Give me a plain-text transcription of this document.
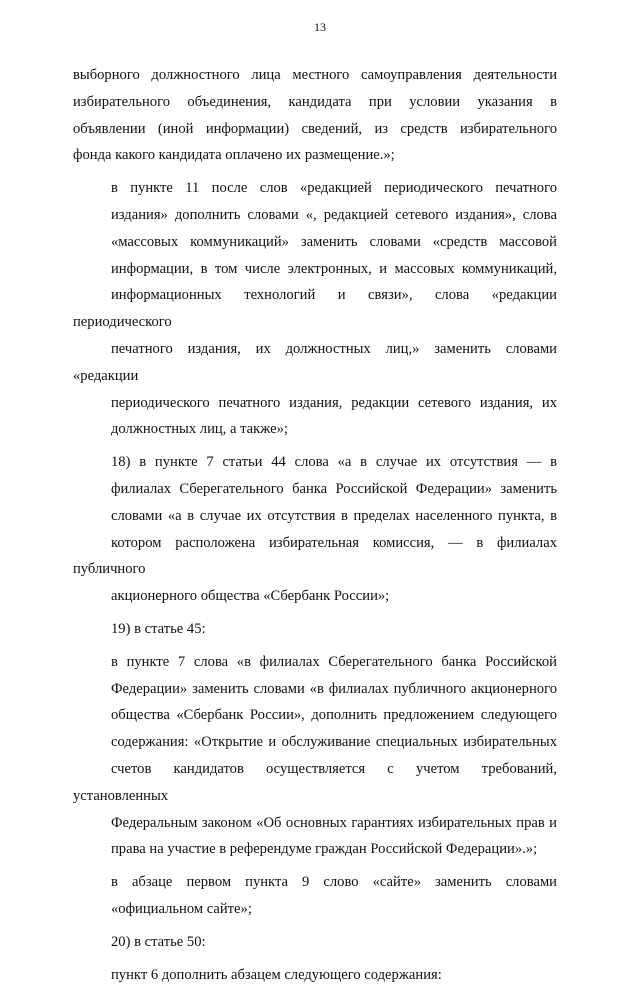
13

выборного должностного лица местного самоуправления деятельности
избирательного объединения, кандидата при условии указания в
объявлении (иной информации) сведений, из средств избирательного
фонда какого кандидата оплачено их размещение.»;

в пункте 11 после слов «редакцией периодического печатного
издания» дополнить словами «, редакцией сетевого издания», слова
«массовых коммуникаций» заменить словами «средств массовой
информации, в том числе электронных, и массовых коммуникаций,
информационных технологий и связи», слова «редакции периодического
печатного издания, их должностных лиц,» заменить словами «редакции
периодического печатного издания, редакции сетевого издания, их
должностных лиц, а также»;

18) в пункте 7 статьи 44 слова «а в случае их отсутствия — в
филиалах Сберегательного банка Российской Федерации» заменить
словами «а в случае их отсутствия в пределах населенного пункта, в
котором расположена избирательная комиссия, — в филиалах публичного
акционерного общества «Сбербанк России»;

19) в статье 45:

в пункте 7 слова «в филиалах Сберегательного банка Российской
Федерации» заменить словами «в филиалах публичного акционерного
общества «Сбербанк России», дополнить предложением следующего
содержания: «Открытие и обслуживание специальных избирательных
счетов кандидатов осуществляется с учетом требований, установленных
Федеральным законом «Об основных гарантиях избирательных прав и
права на участие в референдуме граждан Российской Федерации».»;

в абзаце первом пункта 9 слово «сайте» заменить словами
«официальном сайте»;

20) в статье 50:

пункт 6 дополнить абзацем следующего содержания:
